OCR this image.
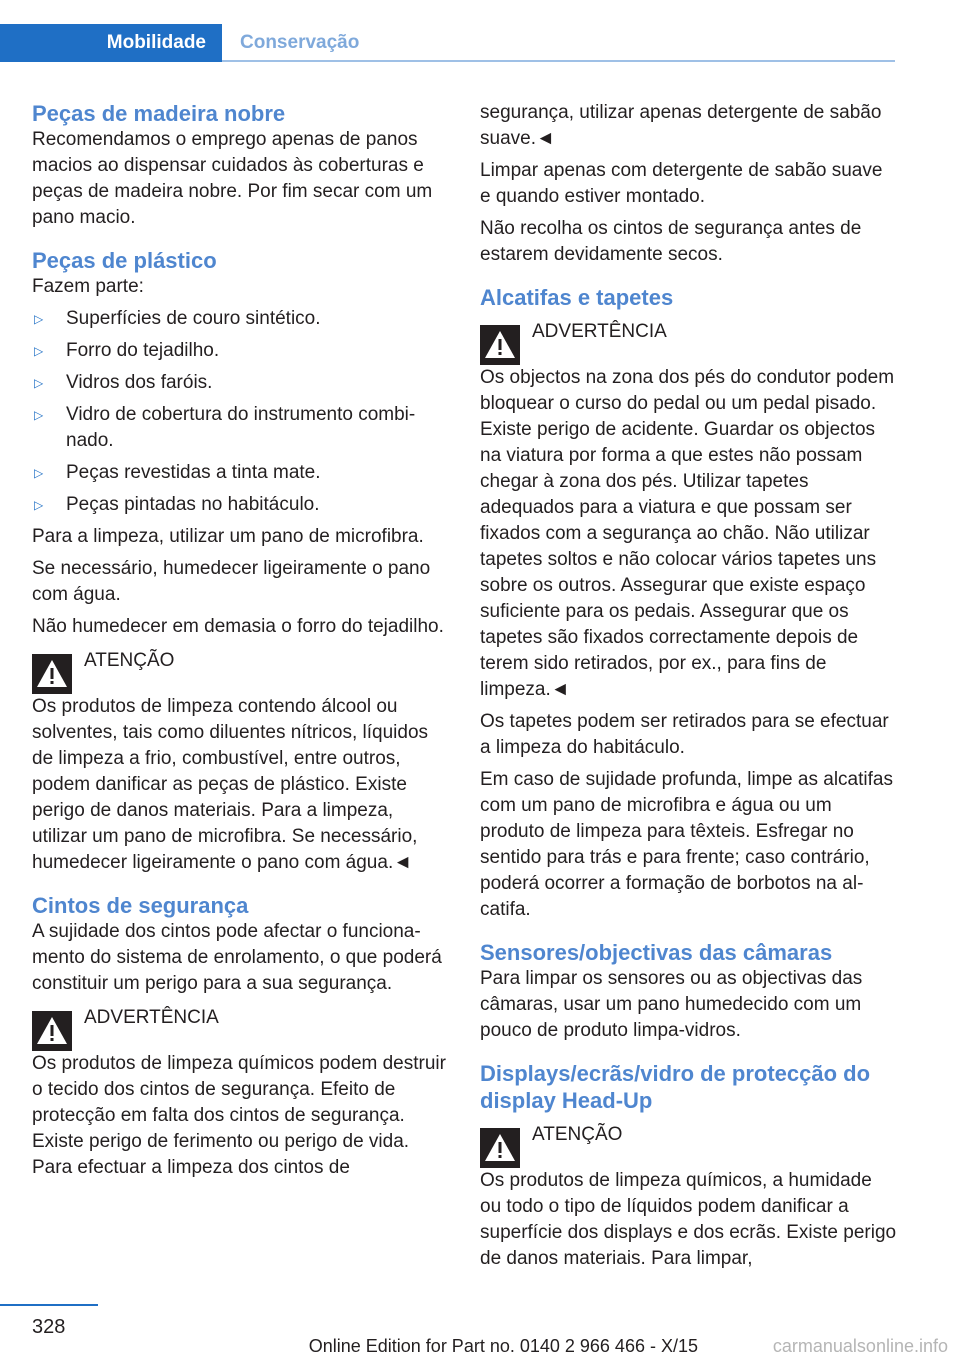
Mobilidade	Conservação
Peças de madeira nobre

Recomendamos o emprego apenas de panos macios ao dispensar cuidados às coberturas e peças de madeira nobre. Por fim secar com um pano macio.

Peças de plástico

Fazem parte:

▷	Superfícies de couro sintético.
▷	Forro do tejadilho.
▷	Vidros dos faróis.
▷	Vidro de cobertura do instrumento combinado.
▷	Peças revestidas a tinta mate.
▷	Peças pintadas no habitáculo.

Para a limpeza, utilizar um pano de microfibra.

Se necessário, humedecer ligeiramente o pano com água.

Não humedecer em demasia o forro do tejadilho.

ATENÇÃO
Os produtos de limpeza contendo álcool ou solventes, tais como diluentes nítricos, líquidos de limpeza a frio, combustível, entre outros, podem danificar as peças de plástico. Existe perigo de danos materiais. Para a limpeza, utilizar um pano de microfibra. Se necessário, humedecer ligeiramente o pano com água.◄
Cintos de segurança

A sujidade dos cintos pode afectar o funcionamento do sistema de enrolamento, o que poderá constituir um perigo para a sua segurança.

ADVERTÊNCIA
Os produtos de limpeza químicos podem destruir o tecido dos cintos de segurança. Efeito de protecção em falta dos cintos de segurança. Existe perigo de ferimento ou perigo de vida. Para efectuar a limpeza dos cintos de

segurança, utilizar apenas detergente de sabão suave.◄

Limpar apenas com detergente de sabão suave e quando estiver montado.

Não recolha os cintos de segurança antes de estarem devidamente secos.

Alcatifas e tapetes
ADVERTÊNCIA
Os objectos na zona dos pés do condutor podem bloquear o curso do pedal ou um pedal pisado. Existe perigo de acidente. Guardar os objectos na viatura por forma a que estes não possam chegar à zona dos pés. Utilizar tapetes adequados para a viatura e que possam ser fixados com a segurança ao chão. Não utilizar tapetes soltos e não colocar vários tapetes uns sobre os outros. Assegurar que existe espaço suficiente para os pedais. Assegurar que os tapetes são fixados correctamente depois de terem sido retirados, por ex., para fins de limpeza.◄

Os tapetes podem ser retirados para se efectuar a limpeza do habitáculo.

Em caso de sujidade profunda, limpe as alcatifas com um pano de microfibra e água ou um produto de limpeza para têxteis. Esfregar no sentido para trás e para frente; caso contrário, poderá ocorrer a formação de borbotos na alcatifa.

Sensores/objectivas das câmaras

Para limpar os sensores ou as objectivas das câmaras, usar um pano humedecido com um pouco de produto limpa-vidros.

Displays/ecrãs/vidro de protecção do display Head-Up
ATENÇÃO
Os produtos de limpeza químicos, a humidade ou todo o tipo de líquidos podem danificar a superfície dos displays e dos ecrãs. Existe perigo de danos materiais. Para limpar,
328
Online Edition for Part no. 0140 2 966 466 - X/15	carmanualsonline.info
